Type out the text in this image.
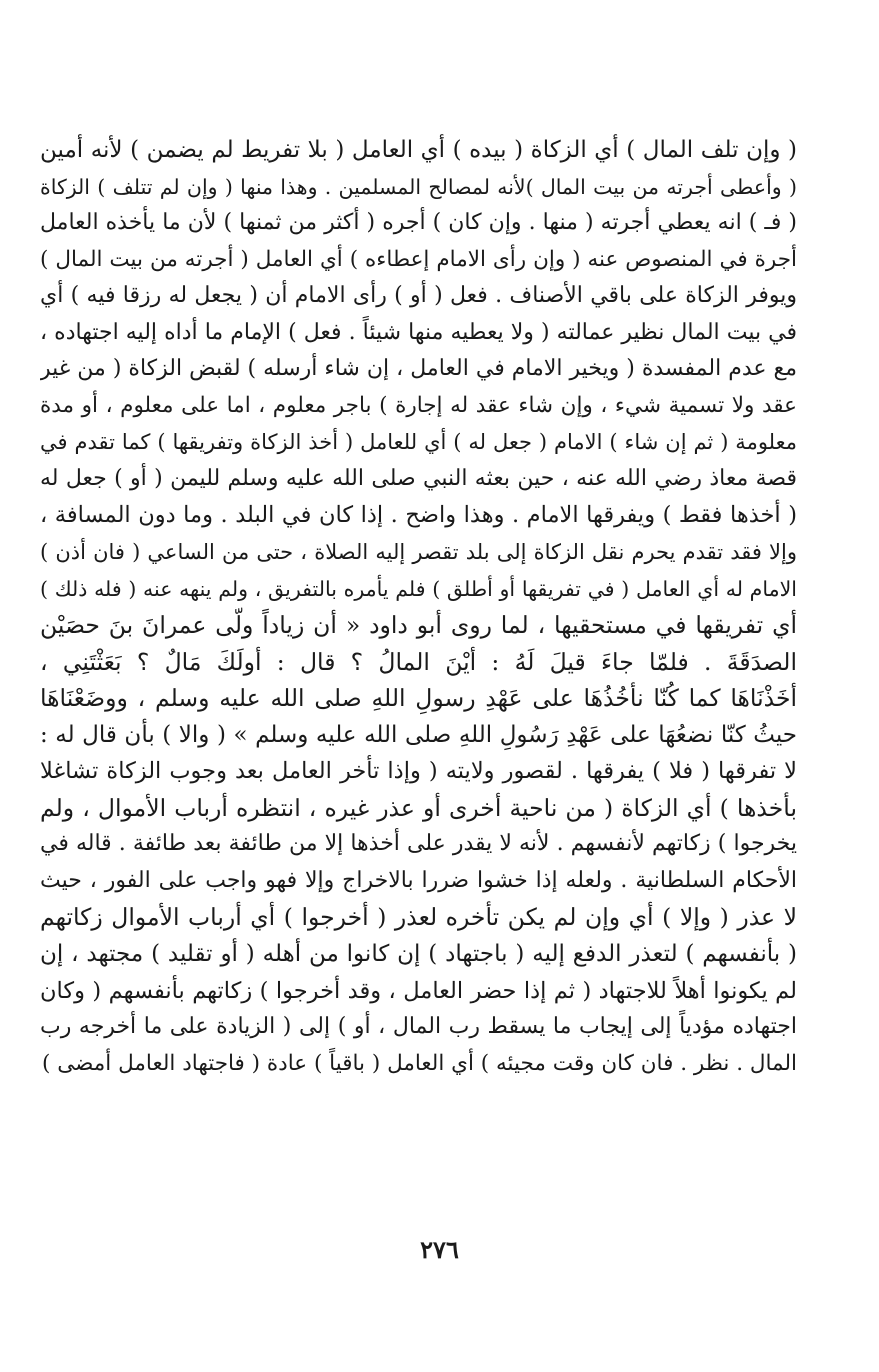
( وإن تلف المال ) أي الزكاة ( بيده ) أي العامل ( بلا تفريط لم يضمن ) لأنه أمين
( وأعطى أجرته من بيت المال )لأنه لمصالح المسلمين . وهذا منها ( وإن لم تتلف ) الزكاة
( فـ ) انه يعطي أجرته ( منها . وإن كان ) أجره ( أكثر من ثمنها ) لأن ما يأخذه العامل
أجرة في المنصوص عنه ( وإن رأى الامام إعطاءه ) أي العامل ( أجرته من بيت المال )
ويوفر الزكاة على باقي الأصناف . فعل ( أو ) رأى الامام أن ( يجعل له رزقا فيه ) أي
في بيت المال نظير عمالته ( ولا يعطيه منها شيئاً . فعل ) الإمام ما أداه إليه اجتهاده ،
مع عدم المفسدة ( ويخير الامام في العامل ، إن شاء أرسله ) لقبض الزكاة ( من غير
عقد ولا تسمية شيء ، وإن شاء عقد له إجارة ) باجر معلوم ، اما على معلوم ، أو مدة
معلومة ( ثم إن شاء ) الامام ( جعل له ) أي للعامل ( أخذ الزكاة وتفريقها ) كما تقدم في
قصة معاذ رضي الله عنه ، حين بعثه النبي صلى الله عليه وسلم لليمن ( أو ) جعل له
( أخذها فقط ) ويفرقها الامام . وهذا واضح . إذا كان في البلد . وما دون المسافة ،
وإلا فقد تقدم يحرم نقل الزكاة إلى بلد تقصر إليه الصلاة ، حتى من الساعي ( فان أذن )
الامام له أي العامل ( في تفريقها أو أطلق ) فلم يأمره بالتفريق ، ولم ينهه عنه ( فله ذلك )
أي تفريقها في مستحقيها ، لما روى أبو داود « أن زياداً ولَّى عمرانَ بنَ حصَيْن
الصدَقَةَ . فلمّا جاءَ قيلَ لَهُ : أيْنَ المالُ ؟ قال : أولَكَ مَالٌ ؟ بَعَثْتَنِي ،
أخَذْنَاهَا كما كُنّا نأخُذُهَا على عَهْدِ رسولِ اللهِ صلى الله عليه وسلم ، ووضَعْنَاهَا
حيثُ كنّا نضعُهَا على عَهْدِ رَسُولِ اللهِ صلى الله عليه وسلم » ( والا ) بأن قال له :
لا تفرقها ( فلا ) يفرقها . لقصور ولايته ( وإذا تأخر العامل بعد وجوب الزكاة تشاغلا
بأخذها ) أي الزكاة ( من ناحية أخرى أو عذر غيره ، انتظره أرباب الأموال ، ولم
يخرجوا ) زكاتهم لأنفسهم . لأنه لا يقدر على أخذها إلا من طائفة بعد طائفة . قاله في
الأحكام السلطانية . ولعله إذا خشوا ضررا بالاخراج وإلا فهو واجب على الفور ، حيث
لا عذر ( وإلا ) أي وإن لم يكن تأخره لعذر ( أخرجوا ) أي أرباب الأموال زكاتهم
( بأنفسهم ) لتعذر الدفع إليه ( باجتهاد ) إن كانوا من أهله ( أو تقليد ) مجتهد ، إن
لم يكونوا أهلاً للاجتهاد ( ثم إذا حضر العامل ، وقد أخرجوا ) زكاتهم بأنفسهم ( وكان
اجتهاده مؤدياً إلى إيجاب ما يسقط رب المال ، أو ) إلى ( الزيادة على ما أخرجه رب
المال . نظر . فان كان وقت مجيئه ) أي العامل ( باقياً ) عادة ( فاجتهاد العامل أمضى )
٢٧٦
